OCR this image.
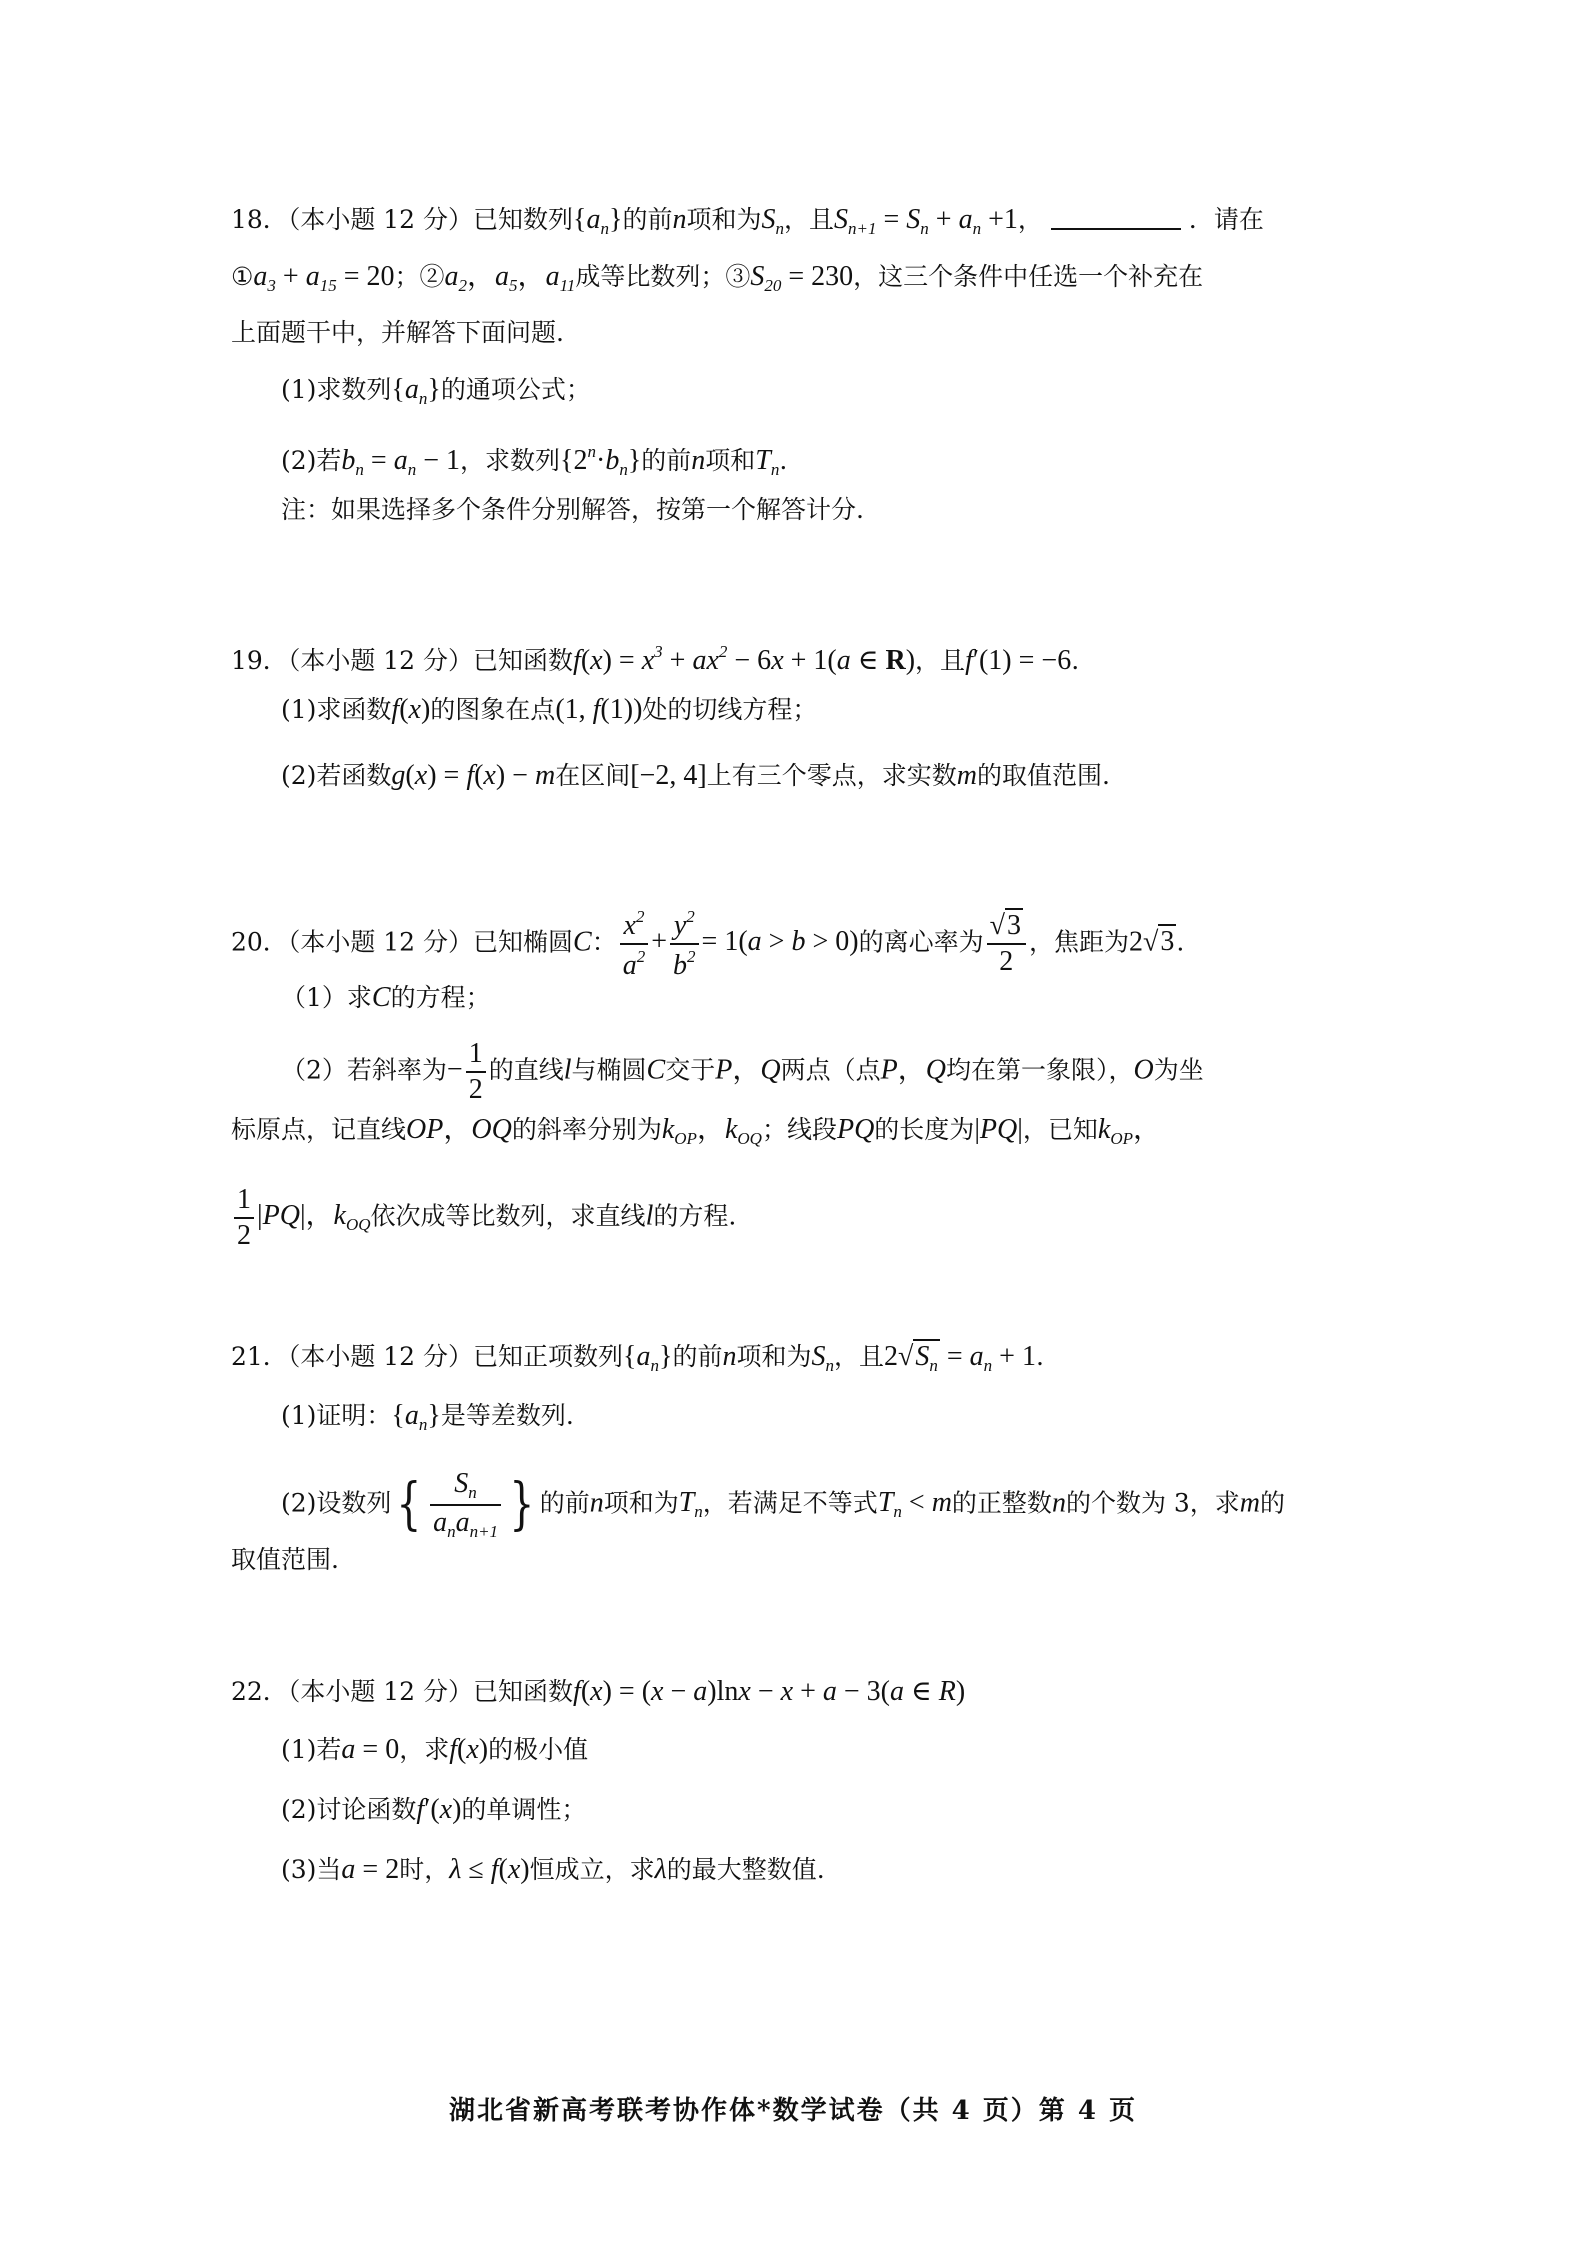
18．（本小题 12 分）已知数列$\{a_n\}$的前n项和为$S_n$，且$S_{n+1} = S_n + a_n +1$，	．请在
$①a_3 + a_{15} = 20$；$②a_2$，$a_5$，$a_{11}$成等比数列；$③S_{20} = 230$，这三个条件中任选一个补充在
上面题干中，并解答下面问题.
(1)求数列$\{a_n\}$的通项公式；
(2)若$b_n = a_n - 1$，求数列$\{2^n\cdot b_n\}$的前n项和$T_n$.
注：如果选择多个条件分别解答，按第一个解答计分.
19．（本小题 12 分）已知函数$f(x) = x^3 + ax^2 - 6x + 1(a$ ∈ R)，且f′(1) = −6.
(1)求函数f(x)的图象在点(1, f(1))处的切线方程；
(2)若函数g(x) = f(x) − m在区间[−2, 4]上有三个零点，求实数m的取值范围.
20．（本小题 12 分）已知椭圆C： $\frac{x^2}{a^2} + \frac{y^2}{b^2} = 1(a > b > 0)$的离心率为 $\frac{√3}{2}$ ，焦距为2√3.
（1）求C的方程；
（2）若斜率为− $\frac{1}{2}$ 的直线l与椭圆C交于P，Q两点（点P，Q均在第一象限），O为坐
标原点，记直线OP，OQ的斜率分别为$k_{OP}$，$k_{OQ}$；线段PQ的长度为|PQ|，已知$k_{OP}$，
$\frac{1}{2} |PQ|$，$k_{OQ}$依次成等比数列，求直线l的方程.
21．（本小题 12 分）已知正项数列$\{a_n\}$的前n项和为$S_n$，且$2√S_n = a_n + 1$.
(1)证明：$\{a_n\}$是等差数列.
(2)设数列{ $\frac{S_n}{a_na_{n+1}}$ } 的前n项和为$T_n$，若满足不等式$T_n < m$的正整数n的个数为 3，求m的
取值范围.
22．（本小题 12 分）已知函数f(x) = (x − a)lnx − x + a − 3(a ∈ R)
(1)若a = 0，求f(x)的极小值
(2)讨论函数f′(x)的单调性；
(3)当a = 2时，λ ≤ f(x)恒成立，求λ的最大整数值.
湖北省新高考联考协作体*数学试卷（共 4 页）第 4 页
